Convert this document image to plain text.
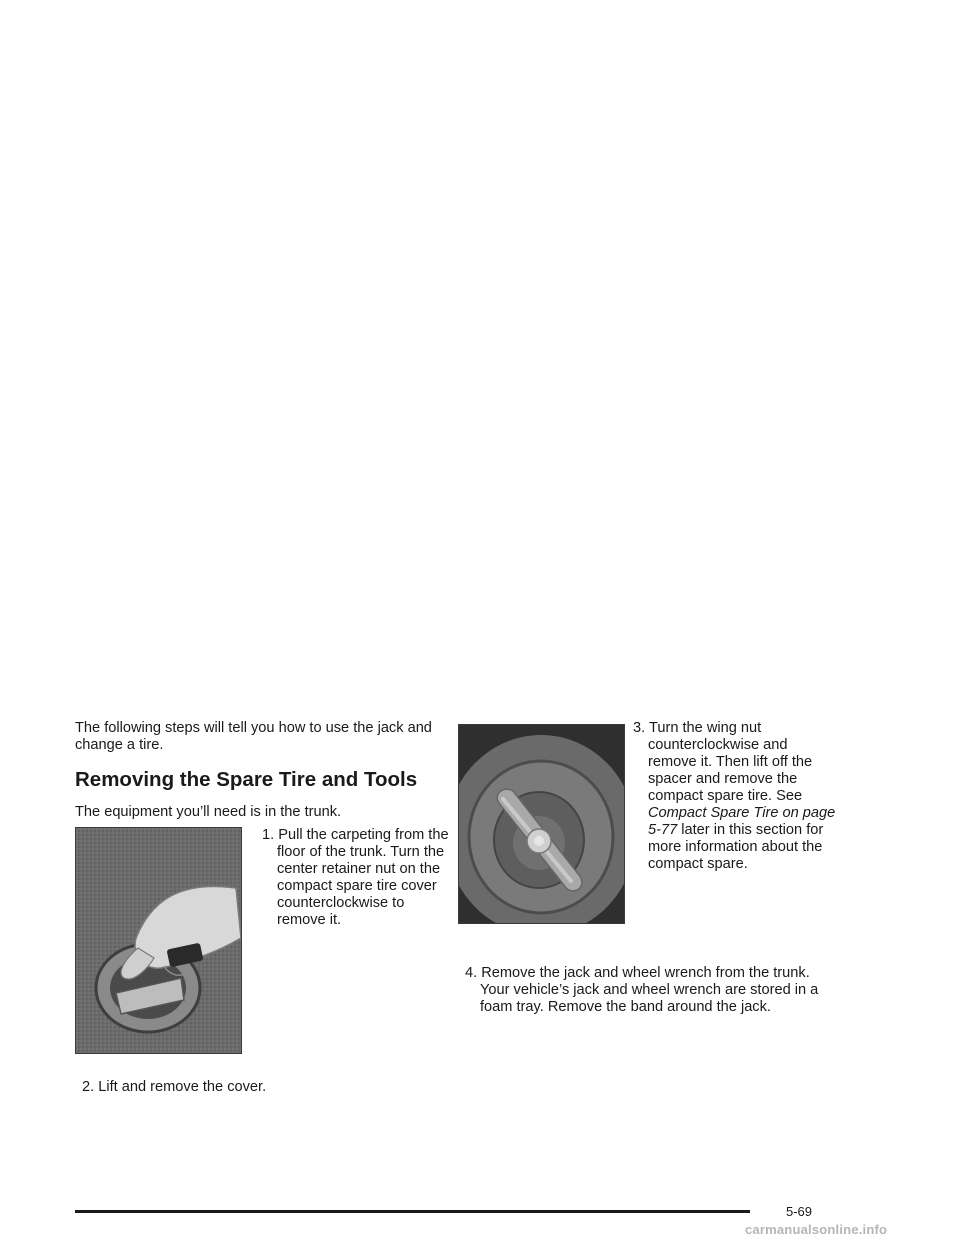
The following steps will tell you how to use the jack and change a tire.

Removing the Spare Tire and Tools

The equipment you’ll need is in the trunk.

1. Pull the carpeting from the floor of the trunk. Turn the center retainer nut on the compact spare tire cover counterclockwise to remove it.
2. Lift and remove the cover.
3. Turn the wing nut counterclockwise and remove it. Then lift off the spacer and remove the compact spare tire. See Compact Spare Tire on page 5-77 later in this section for more information about the compact spare.
4. Remove the jack and wheel wrench from the trunk. Your vehicle’s jack and wheel wrench are stored in a foam tray. Remove the band around the jack.
5-69
carmanualsonline.info
